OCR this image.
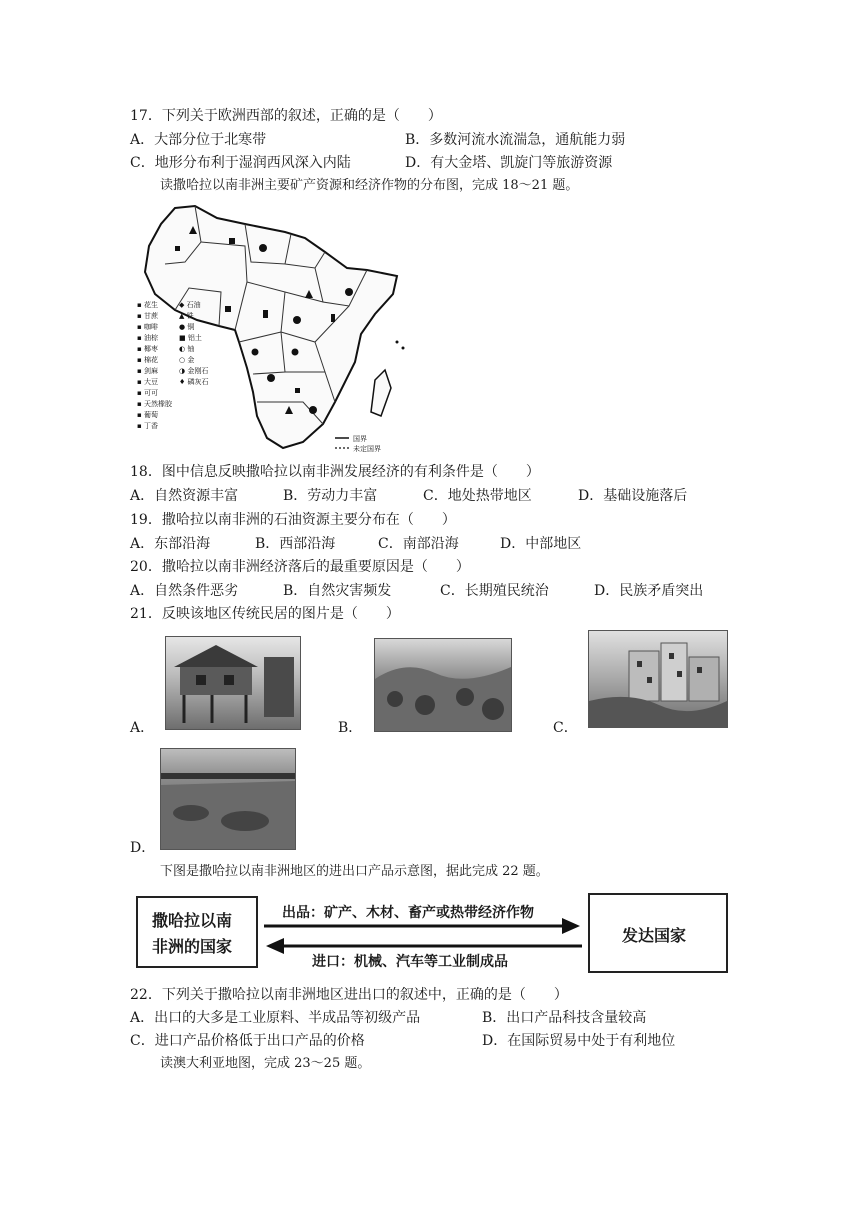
17．下列关于欧洲西部的叙述，正确的是（　　）
A．大部分位于北寒带	B．多数河流水流湍急，通航能力弱
C．地形分布利于湿润西风深入内陆	D．有大金塔、凯旋门等旅游资源
读撒哈拉以南非洲主要矿产资源和经济作物的分布图，完成 18～21 题。
▪ 花生
▪ 甘蔗
▪ 咖啡
▪ 油棕
▪ 椰枣
▪ 棉花
▪ 剑麻
▪ 大豆
▪ 可可
▪ 天然橡胶
▪ 葡萄
▪ 丁香
◆ 石油
▲ 铁
● 铜
■ 铝土
◐ 铀
○ 金
◑ 金刚石
♦ 磷灰石
国界
未定国界
18．图中信息反映撒哈拉以南非洲发展经济的有利条件是（　　）
A．自然资源丰富	B．劳动力丰富	C．地处热带地区	D．基础设施落后
19．撒哈拉以南非洲的石油资源主要分布在（　　）
A．东部沿海	B．西部沿海	C．南部沿海	D．中部地区
20．撒哈拉以南非洲经济落后的最重要原因是（　　）
A．自然条件恶劣	B．自然灾害频发	C．长期殖民统治	D．民族矛盾突出
21．反映该地区传统民居的图片是（　　）
A．	B．	C．
D．
下图是撒哈拉以南非洲地区的进出口产品示意图，据此完成 22 题。
撒哈拉以南
非洲的国家
发达国家
出品：矿产、木材、畜产或热带经济作物
进口：机械、汽车等工业制成品
22．下列关于撒哈拉以南非洲地区进出口的叙述中，正确的是（　　）
A．出口的大多是工业原料、半成品等初级产品	B．出口产品科技含量较高
C．进口产品价格低于出口产品的价格	D．在国际贸易中处于有利地位
读澳大利亚地图，完成 23～25 题。
